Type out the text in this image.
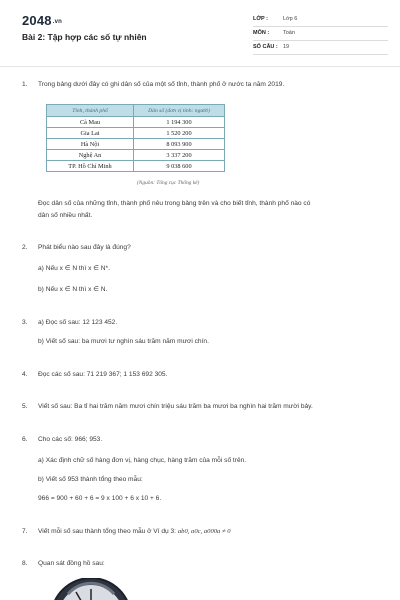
2048.vn
Bài 2: Tập hợp các số tự nhiên
LỚP :	Lớp 6
MÔN :	Toán
SỐ CÂU : 19
1. Trong bảng dưới đây có ghi dân số của một số tỉnh, thành phố ở nước ta năm 2019.
Tỉnh, thành phố	Dân số (đơn vị tính: người)
Cà Mau	1 194 300
Gia Lai	1 520 200
Hà Nội	8 093 900
Nghệ An	3 337 200
TP. Hồ Chí Minh	9 038 600
(Nguồn: Tổng cục Thống kê)
Đọc dân số của những tỉnh, thành phố nêu trong bảng trên và cho biết tỉnh, thành phố nào có
dân số nhiều nhất.
2. Phát biểu nào sau đây là đúng?
a) Nếu x ∈ N thì x ∈ N*.
b) Nếu x ∈ N thì x ∈ N.
3. a) Đọc số sau: 12 123 452.
b) Viết số sau: ba mươi tư nghìn sáu trăm năm mươi chín.
4. Đọc các số sau: 71 219 367; 1 153 692 305.
5. Viết số sau: Ba tỉ hai trăm năm mươi chín triệu sáu trăm ba mươi ba nghìn hai trăm mười bảy.
6. Cho các số: 966; 953.
a) Xác định chữ số hàng đơn vị, hàng chục, hàng trăm của mỗi số trên.
b) Viết số 953 thành tổng theo mẫu:
966 = 900 + 60 + 6 = 9 x 100 + 6 x 10 + 6.
7. Viết mỗi số sau thành tổng theo mẫu ở Ví dụ 3: ab0, a0c, a000a ≠ 0
8. Quan sát đồng hồ sau:
